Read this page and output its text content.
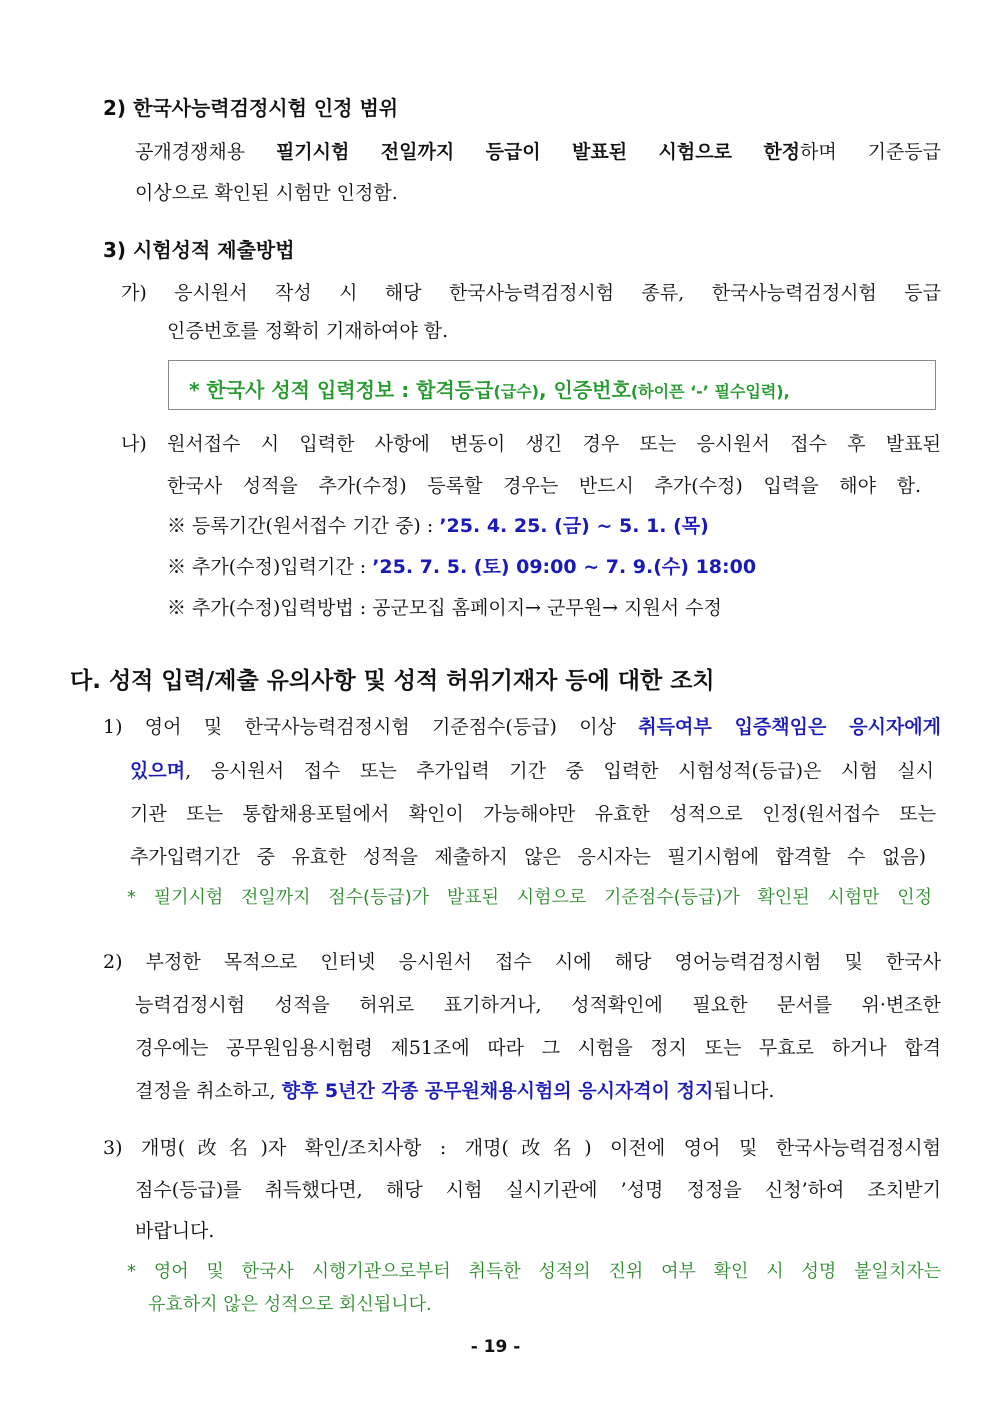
2) 한국사능력검정시험 인정 범위
공개경쟁채용 필기시험 전일까지 등급이 발표된 시험으로 한정하며 기준등급
이상으로 확인된 시험만 인정함.
3) 시험성적 제출방법
가) 응시원서 작성 시 해당 한국사능력검정시험 종류, 한국사능력검정시험 등급
인증번호를 정확히 기재하여야 함.
* 한국사 성적 입력정보 : 합격등급(급수), 인증번호(하이픈 ‘-’ 필수입력),
나) 원서접수 시 입력한 사항에 변동이 생긴 경우 또는 응시원서 접수 후 발표된
한국사 성적을 추가(수정) 등록할 경우는 반드시 추가(수정) 입력을 해야 함.
※ 등록기간(원서접수 기간 중) : ’25. 4. 25. (금) ~ 5. 1. (목)
※ 추가(수정)입력기간 : ’25. 7. 5. (토) 09:00 ~ 7. 9.(수) 18:00
※ 추가(수정)입력방법 : 공군모집 홈페이지→ 군무원→ 지원서 수정
다. 성적 입력/제출 유의사항 및 성적 허위기재자 등에 대한 조치
1) 영어 및 한국사능력검정시험 기준점수(등급) 이상 취득여부 입증책임은 응시자에게
있으며, 응시원서 접수 또는 추가입력 기간 중 입력한 시험성적(등급)은 시험 실시
기관 또는 통합채용포털에서 확인이 가능해야만 유효한 성적으로 인정(원서접수 또는
추가입력기간 중 유효한 성적을 제출하지 않은 응시자는 필기시험에 합격할 수 없음)
* 필기시험 전일까지 점수(등급)가 발표된 시험으로 기준점수(등급)가 확인된 시험만 인정
2) 부정한 목적으로 인터넷 응시원서 접수 시에 해당 영어능력검정시험 및 한국사
능력검정시험 성적을 허위로 표기하거나, 성적확인에 필요한 문서를 위·변조한
경우에는 공무원임용시험령 제51조에 따라 그 시험을 정지 또는 무효로 하거나 합격
결정을 취소하고, 향후 5년간 각종 공무원채용시험의 응시자격이 정지됩니다.
3) 개명(改名)자 확인/조치사항 : 개명(改名) 이전에 영어 및 한국사능력검정시험
점수(등급)를 취득했다면, 해당 시험 실시기관에 ’성명 정정을 신청’하여 조치받기
바랍니다.
* 영어 및 한국사 시행기관으로부터 취득한 성적의 진위 여부 확인 시 성명 불일치자는
유효하지 않은 성적으로 회신됩니다.
- 19 -
